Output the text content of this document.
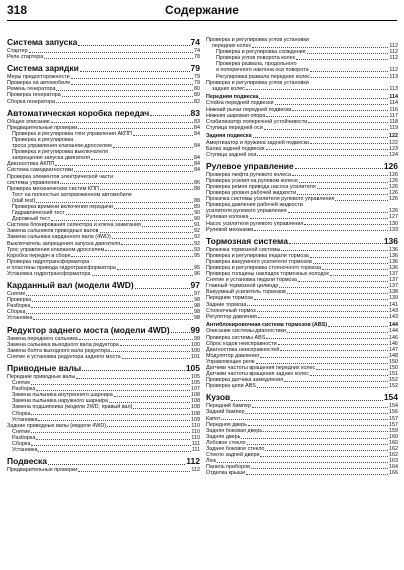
318	Содержание
Система запуска	74
Стартер	74
Реле стартера	78
Система зарядки	79
Меры предосторожности	79
Проверка на автомобиле	79
Ремень генератора	80
Проверка генератора	80
Сборка генератора	82
Автоматическая коробка передач	83
Общее описание	83
Предварительные проверки	84
Проверка и регулировка тяги управления АКПП	84
Проверка и регулировка
троса управления клапаном-дросселем	84
Проверка и регулировка выключателя
запрещения запуска двигателя	84
Диагностика АКПП	84
Система самодиагностики	84
Проверка элементов электрической части
системы управления	86
Проверка механических систем КПП	88
Тест на полностью заторможенном автомобиле
(stall test)	88
Проверка времени включения передачи	89
Гидравлический тест	90
Дорожный тест	90
Система блокирования селектора и ключа зажигания	91
Замена сальников приводных валов	92
Замена сальника карданного вала (4WD)	92
Выключатель запрещения запуска двигателя	92
Трос управления клапаном-дросселем	93
Коробка передач в сборе	95
Проверка гидротрансформатора
и пластины привода гидротрансформатора	95
Установка гидротрансформатора	96
Карданный вал (модели 4WD)	97
Снятие	97
Проверка	98
Разборка	98
Сборка	98
Установка	98
Редуктор заднего моста (модели 4WD) 99
Замена переднего сальника	99
Замена сальника выходного вала редуктора	100
Замена болта выходного вала редуктора	100
Снятие и установка редуктора заднего моста	101
Приводные валы	105
Передние приводные валы	105
Снятие	105
Разборка	107
Замена пыльника внутреннего шарнира	108
Замена пыльника наружного шарнира	108
Замена подшипника (модели 2WD, правый вал)	108
Сборка	108
Установка	109
Задние приводные валы (модели 4WD)	110
Снятие	110
Разборка	110
Сборка	111
Установка	111
Подвеска	112
Предварительные проверки	112
Проверка и регулировка углов установки
передних колес	112
Проверка и регулировка схождения	112
Проверка углов поворота колес	112
Проверка развала, продольного
и поперечного наклона оси поворота	112
Регулировка развала передних колес	113
Проверка и регулировка углов установки
задних колес	113
Передняя подвеска	114
Стойка передней подвески	114
Нижний рычаг передней подвески	116
Нижняя шаровая опора	117
Стабилизатор поперечной устойчивости	118
Ступица передней оси	119
Задняя подвеска	122
Амортизатор и пружина задней подвески	122
Балка задней подвески	123
Ступица задней оси	124
Рулевое управление	126
Проверка люфта рулевого колеса	126
Проверка усилия на рулевом колесе	126
Проверка ремня привода насоса усилителя	126
Проверка уровня рабочей жидкости	126
Прокачка системы усилителя рулевого управления	126
Проверка давления рабочей жидкости
усилителя рулевого управления	126
Рулевая колонка	127
Насос усилителя рулевого управления	130
Рулевой механизм	133
Тормозная система	136
Прокачка тормозной системы	136
Проверка и регулировка педали тормоза	136
Проверка вакуумного усилителя тормозов	136
Проверка и регулировка стояночного тормоза	136
Проверка толщины накладок тормозных колодок	137
Снятие и установка педали тормоза	137
Главный тормозной цилиндр	137
Вакуумный усилитель тормозов	138
Передние тормоза	139
Задние тормоза	141
Стояночный тормоз	143
Регулятор давления	143
Антиблокировочная система тормозов (ABS)	144
Описание системы диагностики	144
Проверка системы ABS	146
Сброс кодов неисправности	146
Диагностика неисправностей	147
Модулятор давления	148
Управляющее реле	150
Датчики частоты вращения передних колес	150
Датчики частоты вращения задних колес	151
Проверка датчика замедления	152
Проверка цепи ABS	152
Кузов	154
Передний бампер	154
Задний бампер	156
Капот	157
Передняя дверь	157
Задняя боковая дверь	159
Задняя дверь	160
Лобовое стекло	160
Заднее боковое стекло	162
Стекло задней двери	162
Люк	163
Панель приборов	164
Отделка крыши	166
